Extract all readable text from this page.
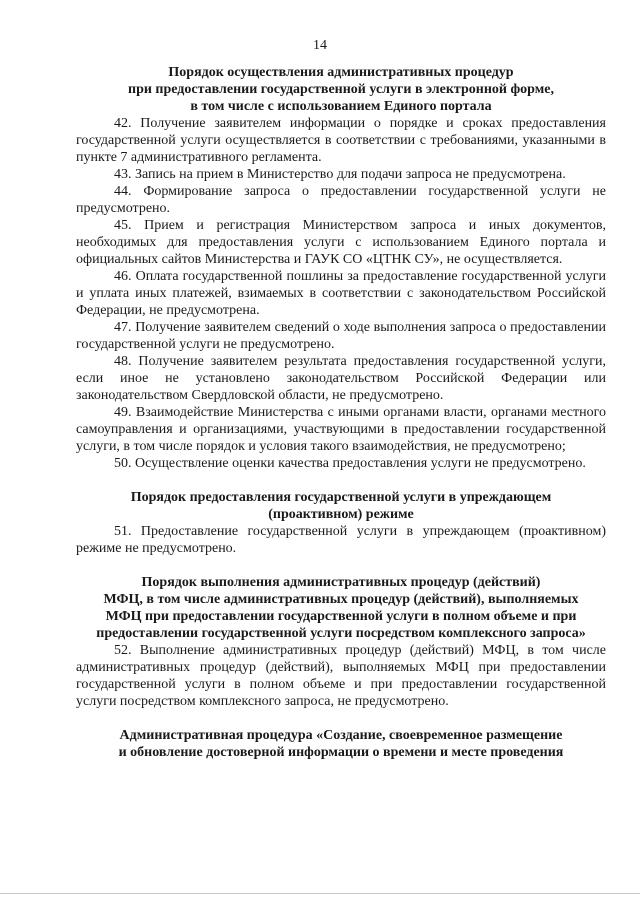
14
Порядок осуществления административных процедур
при предоставлении государственной услуги в электронной форме,
в том числе с использованием Единого портала

42. Получение заявителем информации о порядке и сроках предоставления государственной услуги осуществляется в соответствии с требованиями, указанными в пункте 7 административного регламента.

43. Запись на прием в Министерство для подачи запроса не предусмотрена.

44. Формирование запроса о предоставлении государственной услуги не предусмотрено.

45. Прием и регистрация Министерством запроса и иных документов, необходимых для предоставления услуги с использованием Единого портала и официальных сайтов Министерства и ГАУК СО «ЦТНК СУ», не осуществляется.

46. Оплата государственной пошлины за предоставление государственной услуги и уплата иных платежей, взимаемых в соответствии с законодательством Российской Федерации, не предусмотрена.

47. Получение заявителем сведений о ходе выполнения запроса о предоставлении государственной услуги не предусмотрено.

48. Получение заявителем результата предоставления государственной услуги, если иное не установлено законодательством Российской Федерации или законодательством Свердловской области, не предусмотрено.

49. Взаимодействие Министерства с иными органами власти, органами местного самоуправления и организациями, участвующими в предоставлении государственной услуги, в том числе порядок и условия такого взаимодействия, не предусмотрено;

50. Осуществление оценки качества предоставления услуги не предусмотрено.

Порядок предоставления государственной услуги в упреждающем
(проактивном) режиме

51. Предоставление государственной услуги в упреждающем (проактивном) режиме не предусмотрено.

Порядок выполнения административных процедур (действий)
МФЦ, в том числе административных процедур (действий), выполняемых
МФЦ при предоставлении государственной услуги в полном объеме и при
предоставлении государственной услуги посредством комплексного запроса»

52. Выполнение административных процедур (действий) МФЦ, в том числе административных процедур (действий), выполняемых МФЦ при предоставлении государственной услуги в полном объеме и при предоставлении государственной услуги посредством комплексного запроса, не предусмотрено.

Административная процедура «Создание, своевременное размещение
и обновление достоверной информации о времени и месте проведения
